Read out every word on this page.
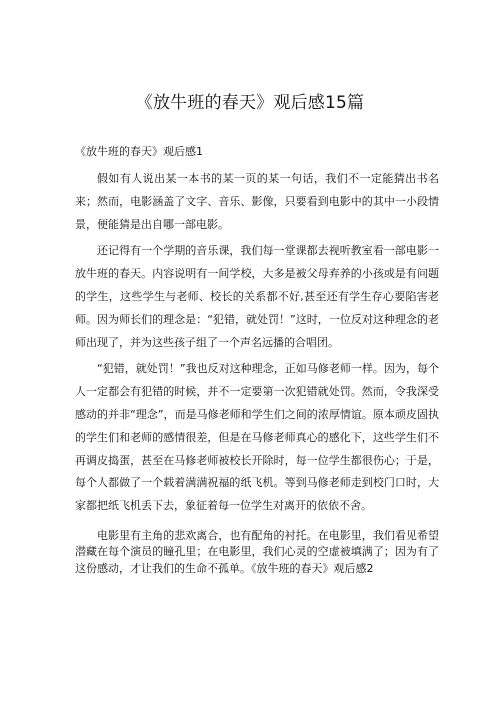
《放牛班的春天》观后感15篇
《放牛班的春天》观后感1

假如有人说出某一本书的某一页的某一句话，我们不一定能猜出书名来；然而，电影涵盖了文字、音乐、影像，只要看到电影中的其中一小段情景，便能猜是出自哪一部电影。

还记得有一个学期的音乐课，我们每一堂课都去视听教室看一部电影一放牛班的春天。内容说明有一间学校，大多是被父母弃养的小孩或是有问题的学生，这些学生与老师、校长的关系都不好,甚至还有学生存心要陷害老师。因为师长们的理念是：“犯错，就处罚！”这时，一位反对这种理念的老师出现了，并为这些孩子组了一个声名远播的合唱团。

“犯错，就处罚！”我也反对这种理念，正如马修老师一样。因为，每个人一定都会有犯错的时候，并不一定要第一次犯错就处罚。然而，令我深受感动的并非“理念”，而是马修老师和学生们之间的浓厚情谊。原本顽皮固执的学生们和老师的感情很差，但是在马修老师真心的感化下，这些学生们不再调皮捣蛋，甚至在马修老师被校长开除时，每一位学生都很伤心；于是，每个人都做了一个载着满满祝福的纸飞机。等到马修老师走到校门口时，大家都把纸飞机丢下去，象征着每一位学生对离开的依依不舍。

电影里有主角的悲欢离合，也有配角的衬托。在电影里，我们看见希望潜藏在每个演员的瞳孔里；在电影里，我们心灵的空虚被填满了；因为有了这份感动，才让我们的生命不孤单。《放牛班的春天》观后感2
